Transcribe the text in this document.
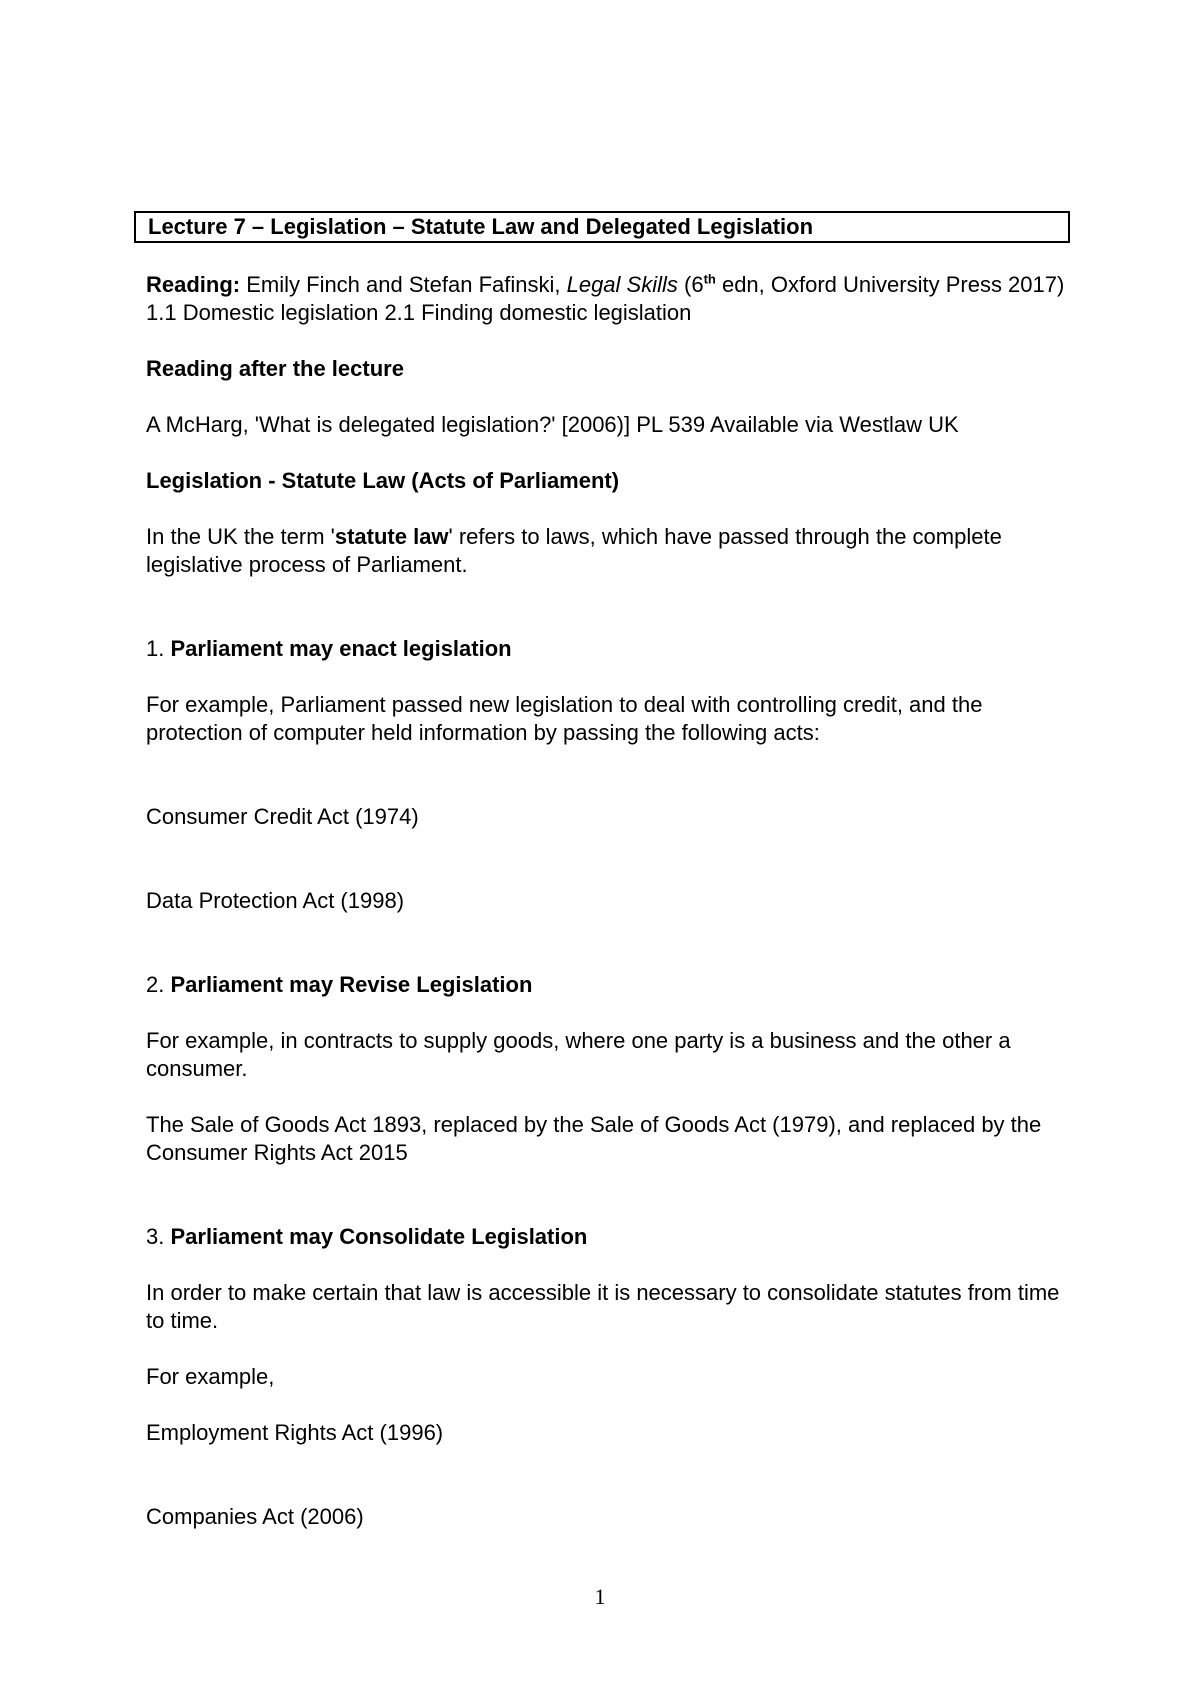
Lecture 7 – Legislation – Statute Law and Delegated Legislation

Reading: Emily Finch and Stefan Fafinski, Legal Skills (6th edn, Oxford University Press 2017) 1.1 Domestic legislation 2.1 Finding domestic legislation

Reading after the lecture

A McHarg, 'What is delegated legislation?' [2006)] PL 539 Available via Westlaw UK

Legislation - Statute Law (Acts of Parliament)

In the UK the term 'statute law' refers to laws, which have passed through the complete legislative process of Parliament.

1. Parliament may enact legislation

For example, Parliament passed new legislation to deal with controlling credit, and the protection of computer held information by passing the following acts:

Consumer Credit Act (1974)

Data Protection Act (1998)

2. Parliament may Revise Legislation

For example, in contracts to supply goods, where one party is a business and the other a consumer.

The Sale of Goods Act 1893, replaced by the Sale of Goods Act (1979), and replaced by the Consumer Rights Act 2015

3. Parliament may Consolidate Legislation

In order to make certain that law is accessible it is necessary to consolidate statutes from time to time.

For example,

Employment Rights Act (1996)

Companies Act (2006)

1
